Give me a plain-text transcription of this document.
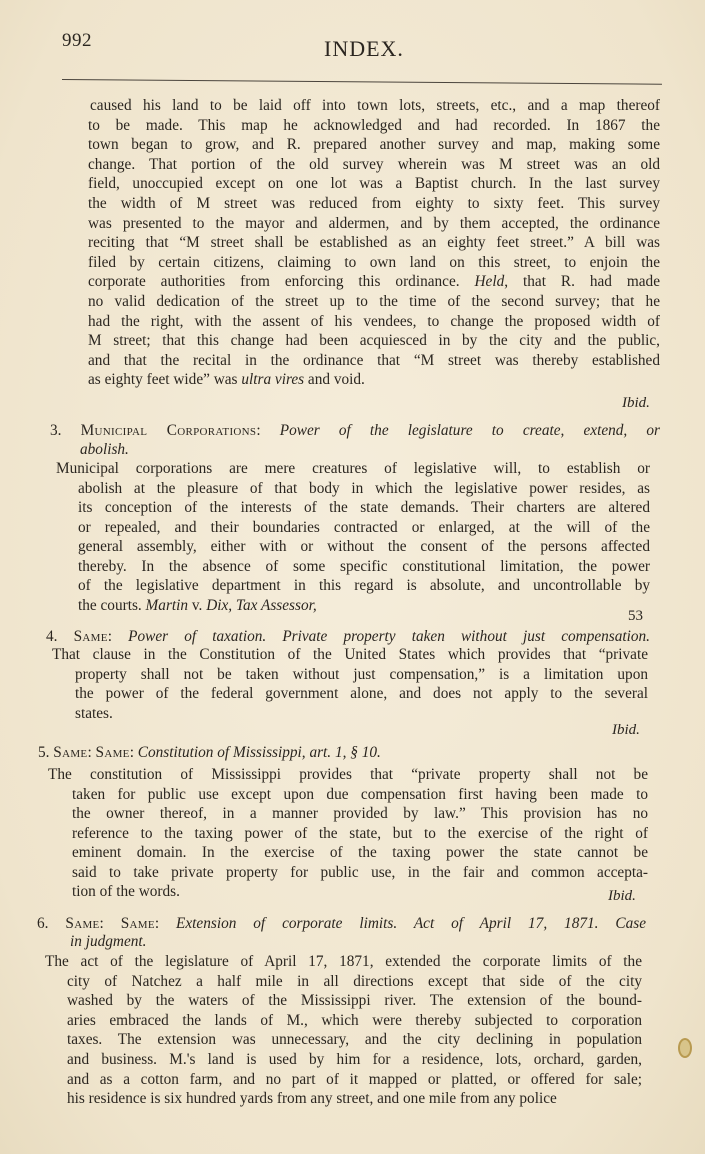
992	INDEX.
caused his land to be laid off into town lots, streets, etc., and a map thereof
to be made. This map he acknowledged and had recorded. In 1867 the
town began to grow, and R. prepared another survey and map, making some
change. That portion of the old survey wherein was M street was an old
field, unoccupied except on one lot was a Baptist church. In the last survey
the width of M street was reduced from eighty to sixty feet. This survey
was presented to the mayor and aldermen, and by them accepted, the ordinance
reciting that “M street shall be established as an eighty feet street.” A bill was
filed by certain citizens, claiming to own land on this street, to enjoin the
corporate authorities from enforcing this ordinance. Held, that R. had made
no valid dedication of the street up to the time of the second survey; that he
had the right, with the assent of his vendees, to change the proposed width of
M street; that this change had been acquiesced in by the city and the public,
and that the recital in the ordinance that “M street was thereby established
as eighty feet wide” was ultra vires and void.
Ibid.
3. Municipal Corporations: Power of the legislature to create, extend, or
abolish.
Municipal corporations are mere creatures of legislative will, to establish or
abolish at the pleasure of that body in which the legislative power resides, as
its conception of the interests of the state demands. Their charters are altered
or repealed, and their boundaries contracted or enlarged, at the will of the
general assembly, either with or without the consent of the persons affected
thereby. In the absence of some specific constitutional limitation, the power
of the legislative department in this regard is absolute, and uncontrollable by
the courts. Martin v. Dix, Tax Assessor,
53
4. Same: Power of taxation. Private property taken without just compensation.
That clause in the Constitution of the United States which provides that “private
property shall not be taken without just compensation,” is a limitation upon
the power of the federal government alone, and does not apply to the several
states.
Ibid.
5. Same: Same: Constitution of Mississippi, art. 1, § 10.
The constitution of Mississippi provides that “private property shall not be
taken for public use except upon due compensation first having been made to
the owner thereof, in a manner provided by law.” This provision has no
reference to the taxing power of the state, but to the exercise of the right of
eminent domain. In the exercise of the taxing power the state cannot be
said to take private property for public use, in the fair and common accepta-
tion of the words.	Ibid.
6. Same: Same: Extension of corporate limits. Act of April 17, 1871. Case
in judgment.
The act of the legislature of April 17, 1871, extended the corporate limits of the
city of Natchez a half mile in all directions except that side of the city
washed by the waters of the Mississippi river. The extension of the bound-
aries embraced the lands of M., which were thereby subjected to corporation
taxes. The extension was unnecessary, and the city declining in population
and business. M.'s land is used by him for a residence, lots, orchard, garden,
and as a cotton farm, and no part of it mapped or platted, or offered for sale;
his residence is six hundred yards from any street, and one mile from any police
